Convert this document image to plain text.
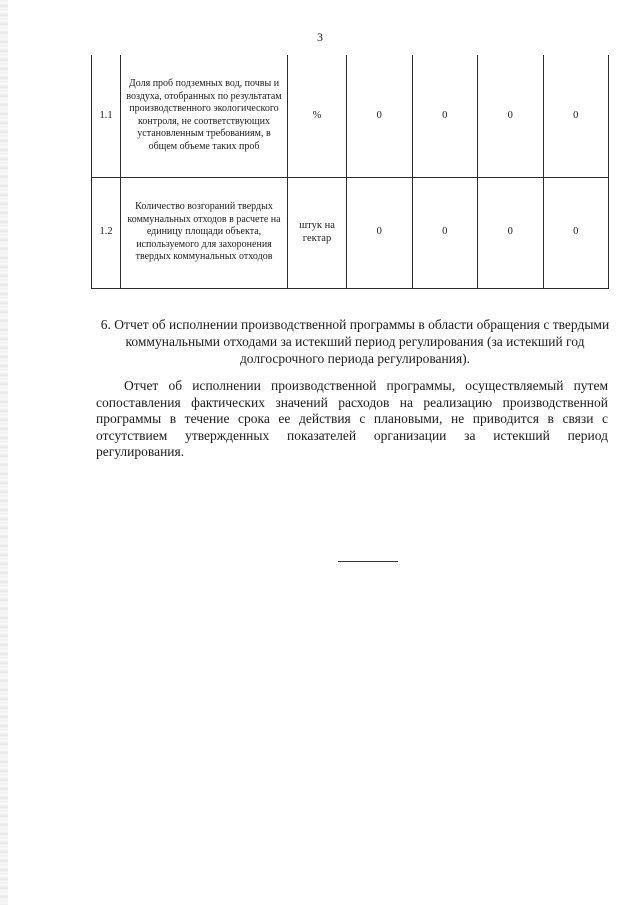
3
1.1	Доля проб подземных вод, почвы и воздуха, отобранных по результатам производственного экологического контроля, не соответствующих установленным требованиям, в общем объеме таких проб	%	0	0	0	0
1.2	Количество возгораний твердых коммунальных отходов в расчете на единицу площади объекта, используемого для захоронения твердых коммунальных отходов	штук на гектар	0	0	0	0
6. Отчет об исполнении производственной программы в области обращения с твердыми коммунальными отходами за истекший период регулирования (за истекший год долгосрочного периода регулирования).
Отчет об исполнении производственной программы, осуществляемый путем сопоставления фактических значений расходов на реализацию производственной программы в течение срока ее действия с плановыми, не приводится в связи с отсутствием утвержденных показателей организации за истекший период регулирования.
